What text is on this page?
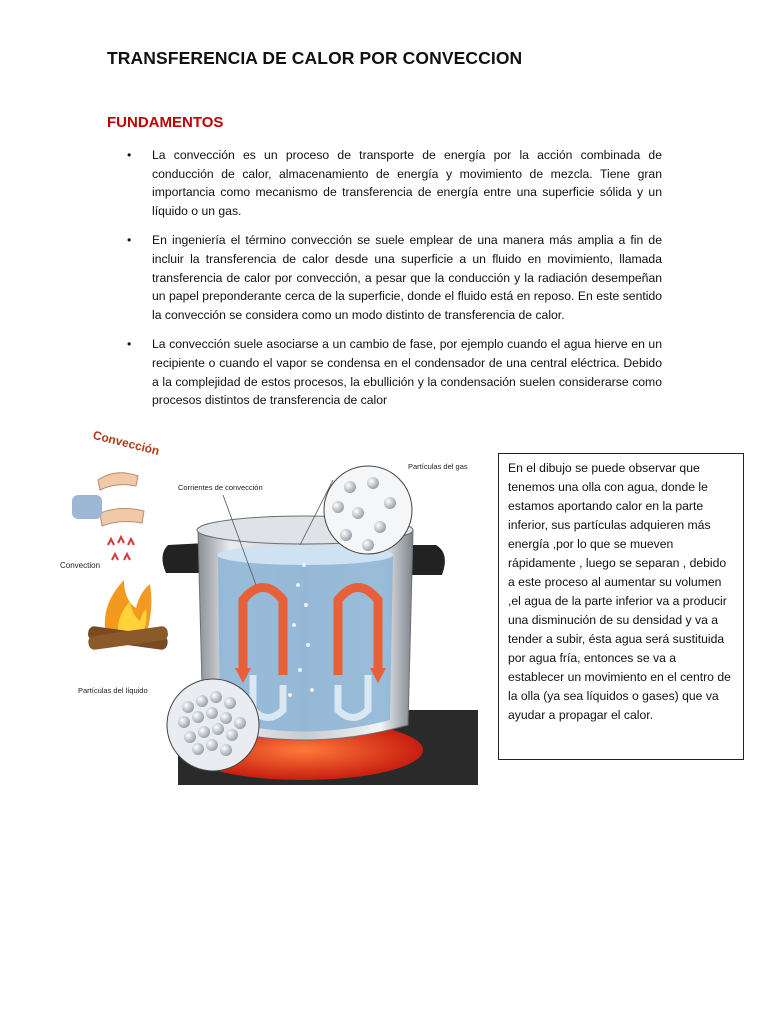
TRANSFERENCIA DE CALOR POR CONVECCION
FUNDAMENTOS
• La convección es un proceso de transporte de energía por la acción combinada de conducción de calor, almacenamiento de energía y movimiento de mezcla. Tiene gran importancia como mecanismo de transferencia de energía entre una superficie sólida y un líquido o un gas.
• En ingeniería el término convección se suele emplear de una manera más amplia a fin de incluir la transferencia de calor desde una superficie a un fluido en movimiento, llamada transferencia de calor por convección, a pesar que la conducción y la radiación desempeñan un papel preponderante cerca de la superficie, donde el fluido está en reposo. En este sentido la convección se considera como un modo distinto de transferencia de calor.
• La convección suele asociarse a un cambio de fase, por ejemplo cuando el agua hierve en un recipiente o cuando el vapor se condensa en el condensador de una central eléctrica. Debido a la complejidad de estos procesos, la ebullición y la condensación suelen considerarse como procesos distintos de transferencia de calor
Convección
Convection
Partículas del gas
Partículas del líquido
Corrientes de convección
En el dibujo se puede observar que tenemos una olla con agua, donde le estamos aportando calor en la parte inferior, sus partículas adquieren más energía ,por lo que se mueven rápidamente , luego se separan , debido a este proceso al aumentar su volumen ,el agua de la parte inferior va a producir una disminución de su densidad y va a tender a subir, ésta agua será sustituida por agua fría, entonces se va a establecer un movimiento en el centro de la olla (ya sea líquidos o gases) que va ayudar a propagar el calor.
